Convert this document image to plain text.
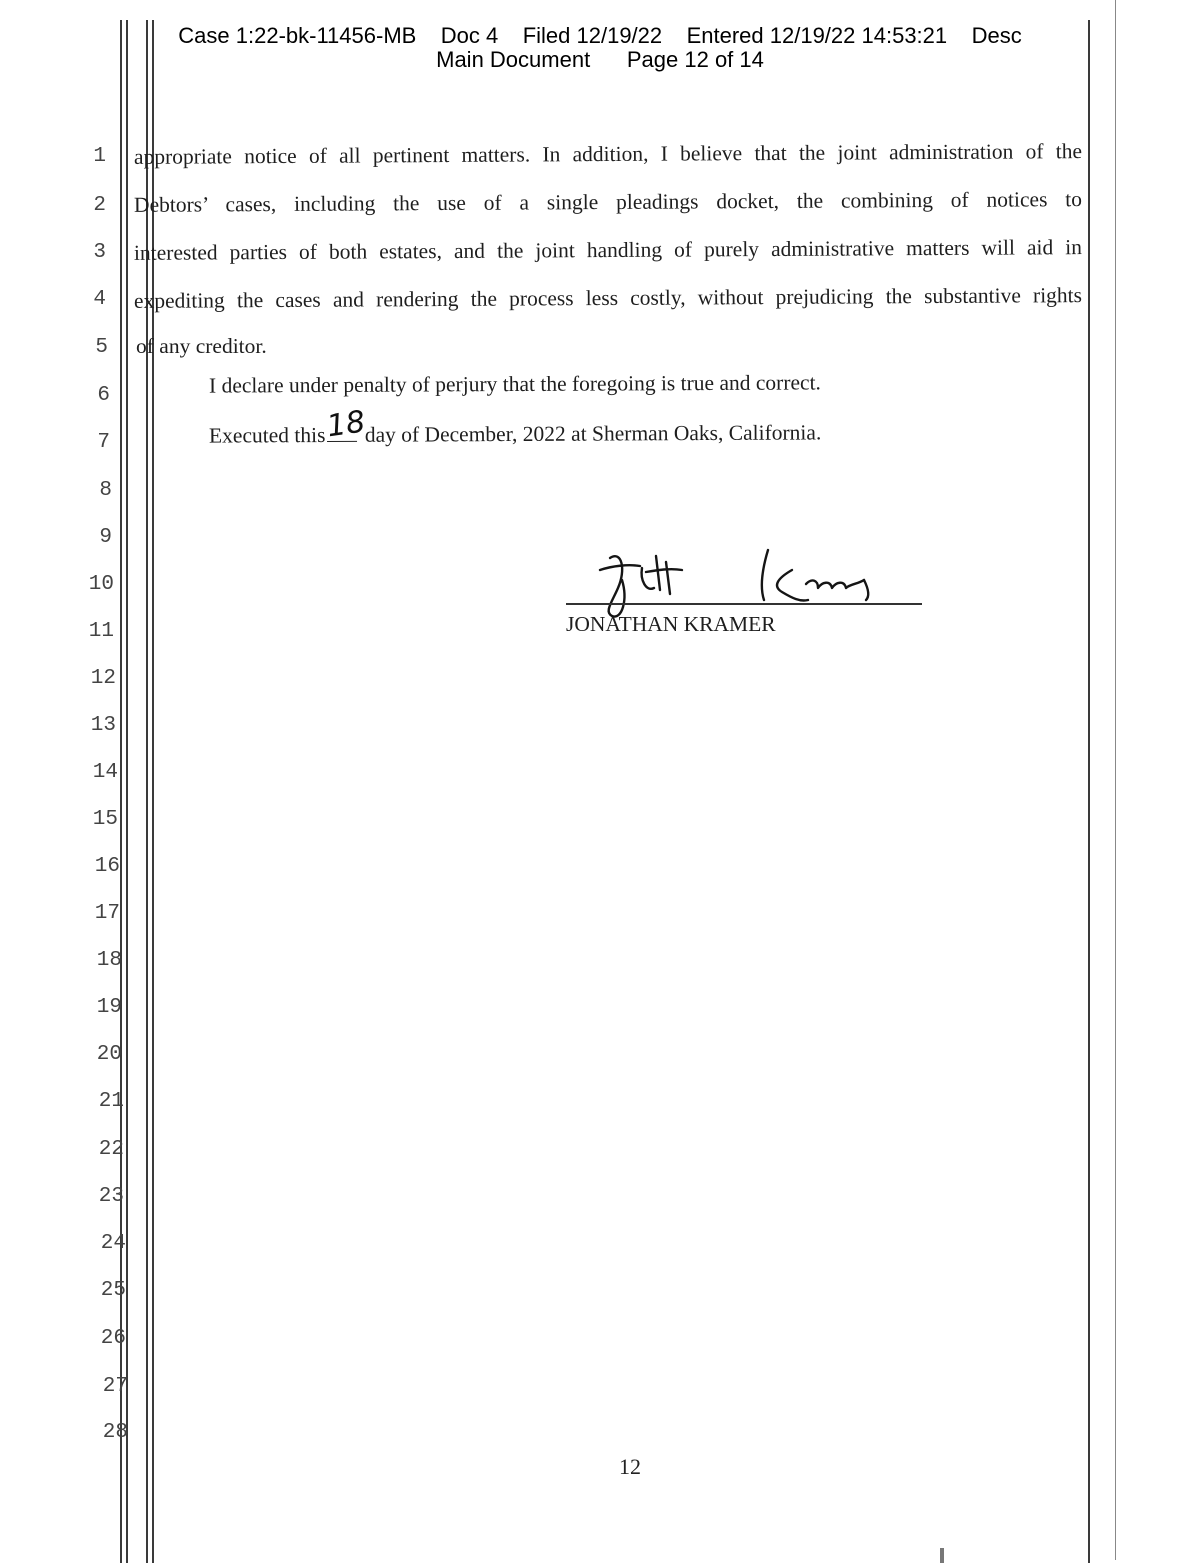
Case 1:22-bk-11456-MB    Doc 4    Filed 12/19/22    Entered 12/19/22 14:53:21    Desc
Main Document      Page 12 of 14
1
2
3
4
5
6
7
8
9
10
11
12
13
14
15
16
17
18
19
20
21
22
23
24
25
26
27
28
appropriate notice of all pertinent matters. In addition, I believe that the joint administration of the
Debtors’ cases, including the use of a single pleadings docket, the combining of notices to
interested parties of both estates, and the joint handling of purely administrative matters will aid in
expediting the cases and rendering the process less costly, without prejudicing the substantive rights
of any creditor.
I declare under penalty of perjury that the foregoing is true and correct.
Executed this 18
day of December, 2022 at Sherman Oaks, California.
JONATHAN KRAMER
12
